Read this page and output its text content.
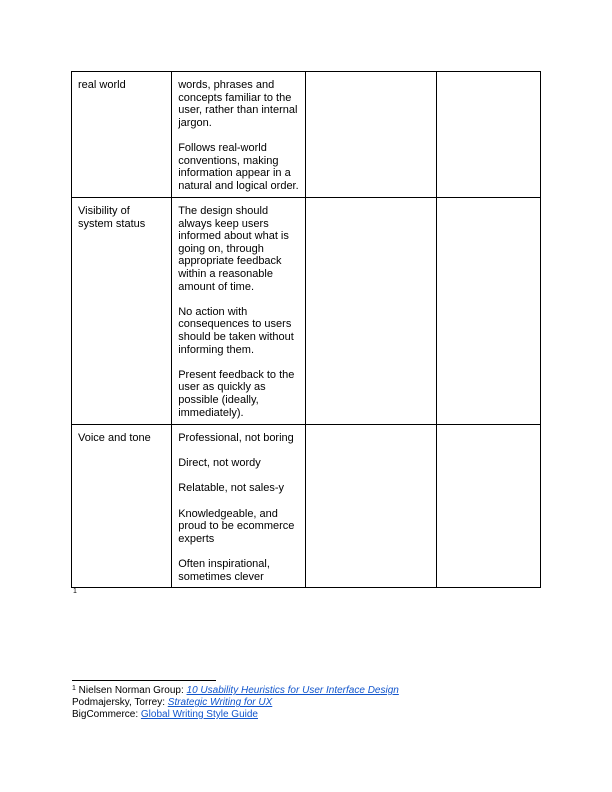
real world	words, phrases and concepts familiar to the user, rather than internal jargon.

Follows real-world conventions, making information appear in a natural and logical order.		

Visibility of system status	The design should always keep users informed about what is going on, through appropriate feedback within a reasonable amount of time.

No action with consequences to users should be taken without informing them.

Present feedback to the user as quickly as possible (ideally, immediately).		

Voice and tone	Professional, not boring

Direct, not wordy

Relatable, not sales-y

Knowledgeable, and proud to be ecommerce experts

Often inspirational, sometimes clever		

1
$^1$ Nielsen Norman Group: 10 Usability Heuristics for User Interface Design
Podmajersky, Torrey: Strategic Writing for UX
BigCommerce: Global Writing Style Guide
